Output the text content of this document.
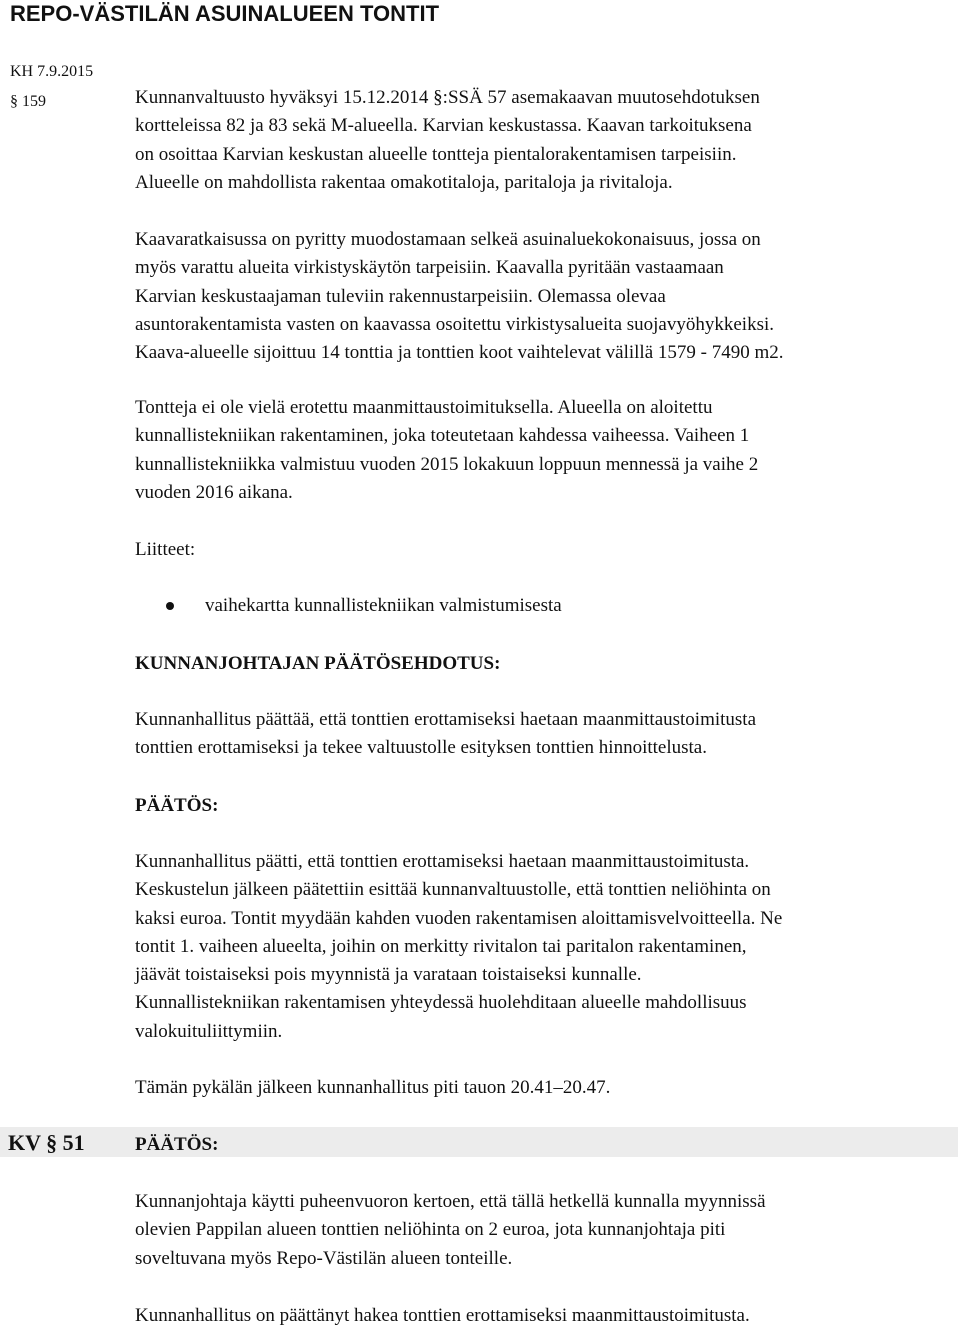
REPO-VÄSTILÄN ASUINALUEEN TONTIT
KH 7.9.2015
§ 159	Kunnanvaltuusto hyväksyi 15.12.2014 §:SSÄ 57 asemakaavan muutosehdotuksen
kortteleissa 82 ja 83 sekä M-alueella. Karvian keskustassa. Kaavan tarkoituksena
on osoittaa Karvian keskustan alueelle tontteja pientalorakentamisen tarpeisiin.
Alueelle on mahdollista rakentaa omakotitaloja, paritaloja ja rivitaloja.
Kaavaratkaisussa on pyritty muodostamaan selkeä asuinaluekokonaisuus, jossa on
myös varattu alueita virkistyskäytön tarpeisiin. Kaavalla pyritään vastaamaan
Karvian keskustaajaman tuleviin rakennustarpeisiin. Olemassa olevaa
asuntorakentamista vasten on kaavassa osoitettu virkistysalueita suojavyöhykkeiksi.
Kaava-alueelle sijoittuu 14 tonttia ja tonttien koot vaihtelevat välillä 1579 - 7490 m2.
Tontteja ei ole vielä erotettu maanmittaustoimituksella. Alueella on aloitettu
kunnallistekniikan rakentaminen, joka toteutetaan kahdessa vaiheessa. Vaiheen 1
kunnallistekniikka valmistuu vuoden 2015 lokakuun loppuun mennessä ja vaihe 2
vuoden 2016 aikana.
Liitteet:
vaihekartta kunnallistekniikan valmistumisesta
KUNNANJOHTAJAN PÄÄTÖSEHDOTUS:
Kunnanhallitus päättää, että tonttien erottamiseksi haetaan maanmittaustoimitusta
tonttien erottamiseksi ja tekee valtuustolle esityksen tonttien hinnoittelusta.
PÄÄTÖS:
Kunnanhallitus päätti, että tonttien erottamiseksi haetaan maanmittaustoimitusta.
Keskustelun jälkeen päätettiin esittää kunnanvaltuustolle, että tonttien neliöhinta on
kaksi euroa. Tontit myydään kahden vuoden rakentamisen aloittamisvelvoitteella. Ne
tontit 1. vaiheen alueelta, joihin on merkitty rivitalon tai paritalon rakentaminen,
jäävät toistaiseksi pois myynnistä ja varataan toistaiseksi kunnalle.
Kunnallistekniikan rakentamisen yhteydessä huolehditaan alueelle mahdollisuus
valokuituliittymiin.
Tämän pykälän jälkeen kunnanhallitus piti tauon 20.41–20.47.
KV § 51	PÄÄTÖS:
Kunnanjohtaja käytti puheenvuoron kertoen, että tällä hetkellä kunnalla myynnissä
olevien Pappilan alueen tonttien neliöhinta on 2 euroa, jota kunnanjohtaja piti
soveltuvana myös Repo-Västilän alueen tonteille.
Kunnanhallitus on päättänyt hakea tonttien erottamiseksi maanmittaustoimitusta.
